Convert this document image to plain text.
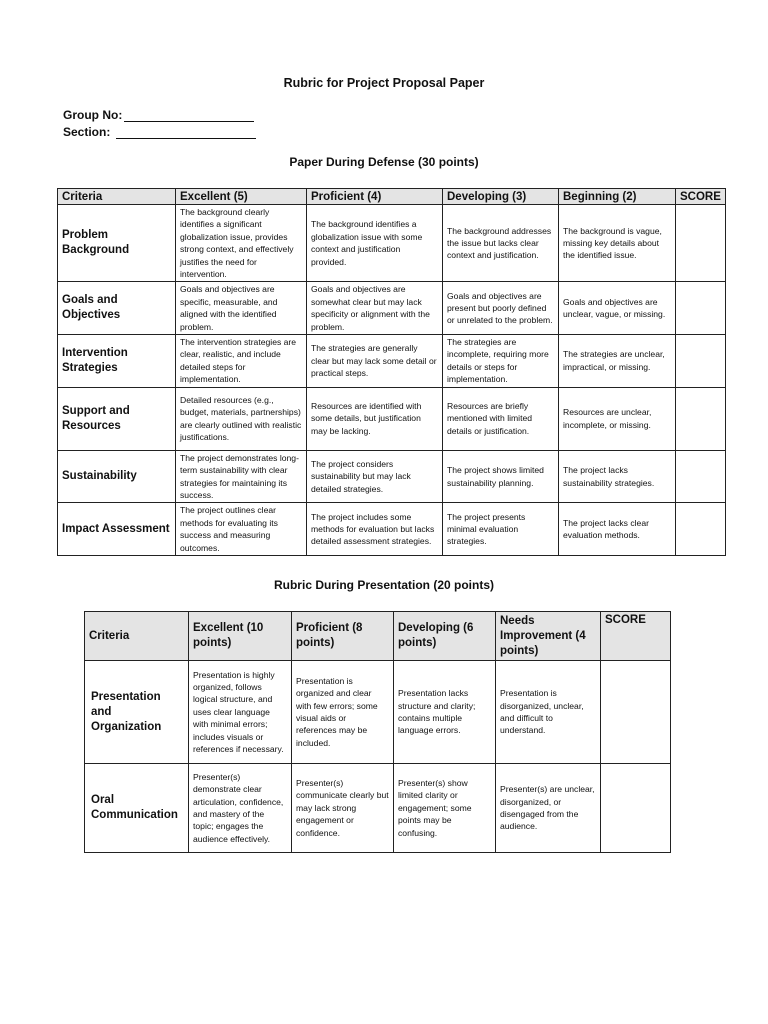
Rubric for Project Proposal Paper
Group No:
Section:
Paper During Defense (30 points)
Criteria	Excellent (5)	Proficient (4)	Developing (3)	Beginning (2)	SCORE
Problem Background	The background clearly identifies a significant globalization issue, provides strong context, and effectively justifies the need for intervention.	The background identifies a globalization issue with some context and justification provided.	The background addresses the issue but lacks clear context and justification.	The background is vague, missing key details about the identified issue.	
Goals and Objectives	Goals and objectives are specific, measurable, and aligned with the identified problem.	Goals and objectives are somewhat clear but may lack specificity or alignment with the problem.	Goals and objectives are present but poorly defined or unrelated to the problem.	Goals and objectives are unclear, vague, or missing.	
Intervention Strategies	The intervention strategies are clear, realistic, and include detailed steps for implementation.	The strategies are generally clear but may lack some detail or practical steps.	The strategies are incomplete, requiring more details or steps for implementation.	The strategies are unclear, impractical, or missing.	
Support and Resources	Detailed resources (e.g., budget, materials, partnerships) are clearly outlined with realistic justifications.	Resources are identified with some details, but justification may be lacking.	Resources are briefly mentioned with limited details or justification.	Resources are unclear, incomplete, or missing.	
Sustainability	The project demonstrates long-term sustainability with clear strategies for maintaining its success.	The project considers sustainability but may lack detailed strategies.	The project shows limited sustainability planning.	The project lacks sustainability strategies.	
Impact Assessment	The project outlines clear methods for evaluating its success and measuring outcomes.	The project includes some methods for evaluation but lacks detailed assessment strategies.	The project presents minimal evaluation strategies.	The project lacks clear evaluation methods.	
Rubric During Presentation (20 points)
Criteria	Excellent (10 points)	Proficient (8 points)	Developing (6 points)	Needs Improvement (4 points)	SCORE
Presentation and Organization	Presentation is highly organized, follows logical structure, and uses clear language with minimal errors; includes visuals or references if necessary.	Presentation is organized and clear with few errors; some visual aids or references may be included.	Presentation lacks structure and clarity; contains multiple language errors.	Presentation is disorganized, unclear, and difficult to understand.	
Oral Communication	Presenter(s) demonstrate clear articulation, confidence, and mastery of the topic; engages the audience effectively.	Presenter(s) communicate clearly but may lack strong engagement or confidence.	Presenter(s) show limited clarity or engagement; some points may be confusing.	Presenter(s) are unclear, disorganized, or disengaged from the audience.	
